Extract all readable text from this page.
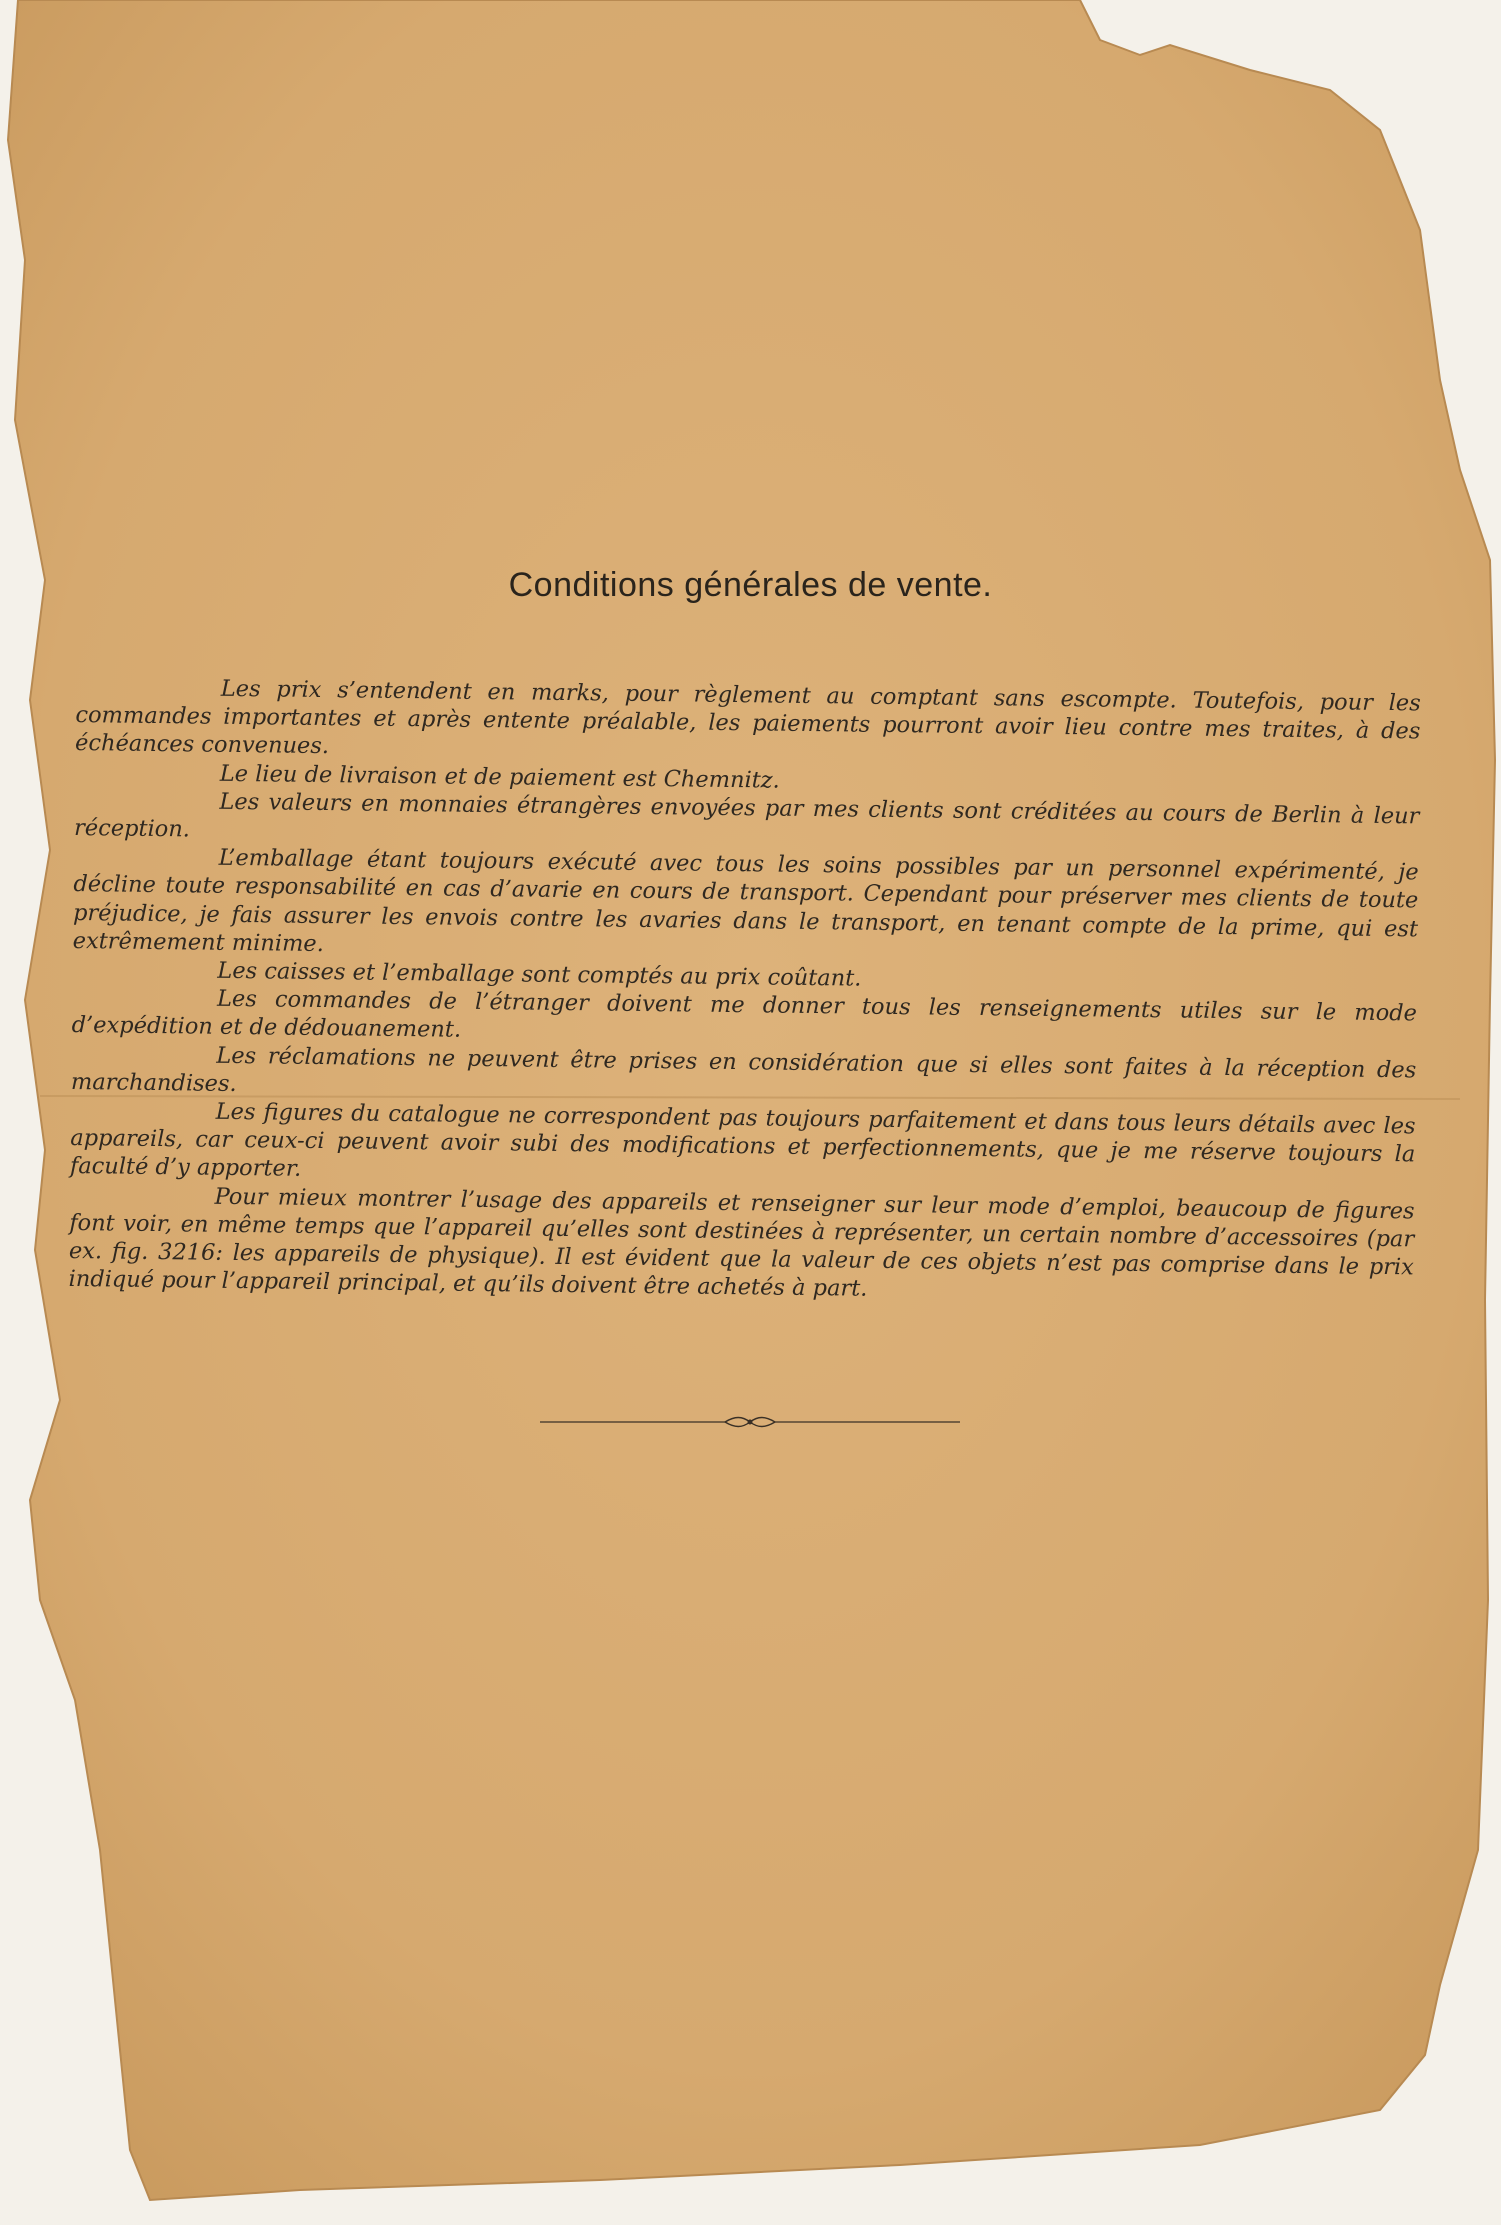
Conditions générales de vente.

Les prix s’entendent en marks, pour règlement au comptant sans escompte. Toutefois, pour les commandes importantes et après entente préalable, les paiements pourront avoir lieu contre mes traites, à des échéances convenues.

Le lieu de livraison et de paiement est Chemnitz.

Les valeurs en monnaies étrangères envoyées par mes clients sont créditées au cours de Berlin à leur réception.

L’emballage étant toujours exécuté avec tous les soins possibles par un personnel expérimenté, je décline toute responsabilité en cas d’avarie en cours de transport. Cependant pour préserver mes clients de toute préjudice, je fais assurer les envois contre les avaries dans le transport, en tenant compte de la prime, qui est extrêmement minime.

Les caisses et l’emballage sont comptés au prix coûtant.

Les commandes de l’étranger doivent me donner tous les renseignements utiles sur le mode d’expédition et de dédouanement.

Les réclamations ne peuvent être prises en considération que si elles sont faites à la réception des marchandises.

Les figures du catalogue ne correspondent pas toujours parfaitement et dans tous leurs détails avec les appareils, car ceux-ci peuvent avoir subi des modifications et perfectionnements, que je me réserve toujours la faculté d’y apporter.

Pour mieux montrer l’usage des appareils et renseigner sur leur mode d’emploi, beaucoup de figures font voir, en même temps que l’appareil qu’elles sont destinées à représenter, un certain nombre d’accessoires (par ex. fig. 3216: les appareils de physique). Il est évident que la valeur de ces objets n’est pas comprise dans le prix indiqué pour l’appareil principal, et qu’ils doivent être achetés à part.
